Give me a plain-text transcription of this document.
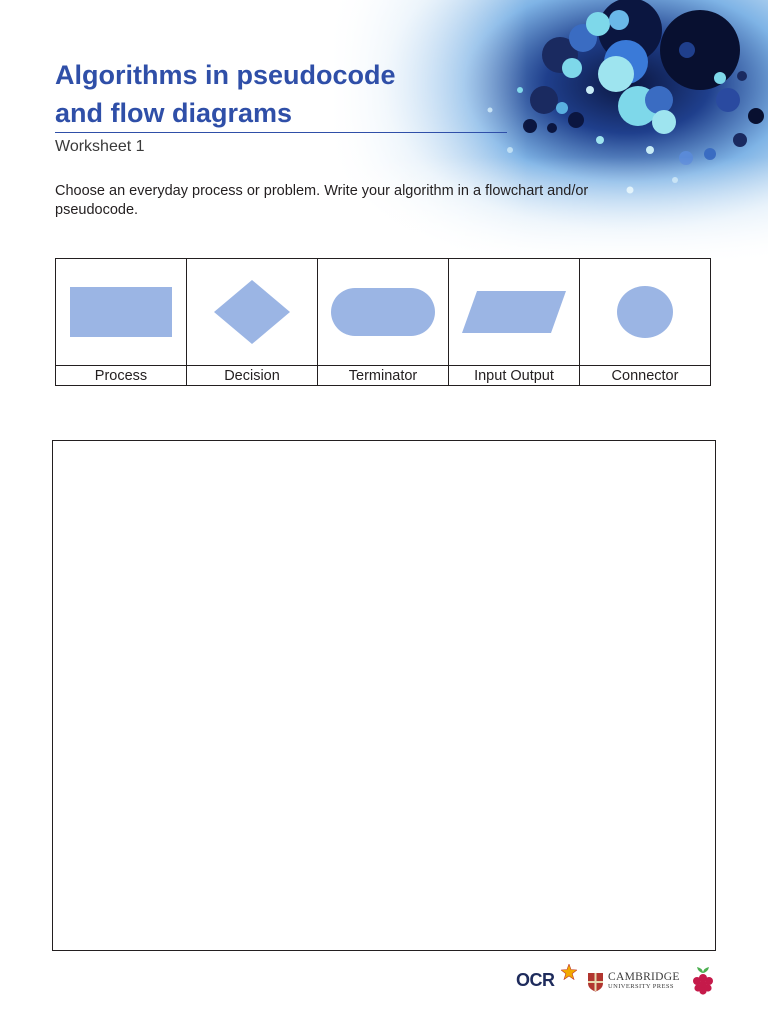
Algorithms in pseudocode
and flow diagrams
Worksheet 1
Choose an everyday process or problem. Write your algorithm in a flowchart and/or pseudocode.

Process	Decision	Terminator	Input Output	Connector
OCR	CAMBRIDGE
UNIVERSITY PRESS
